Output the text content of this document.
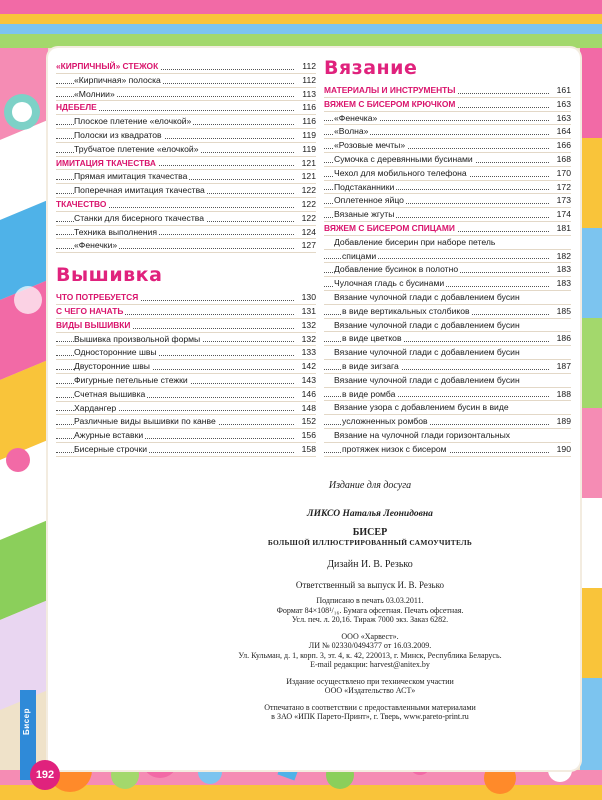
«КИРПИЧНЫЙ» СТЕЖОК	112
«Кирпичная» полоска	112
«Молнии»	113
НДЕБЕЛЕ	116
Плоское плетение «елочкой»	116
Полоски из квадратов	119
Трубчатое плетение «елочкой»	119
ИМИТАЦИЯ ТКАЧЕСТВА	121
Прямая имитация ткачества	121
Поперечная имитация ткачества	122
ТКАЧЕСТВО	122
Станки для бисерного ткачества	122
Техника выполнения	124
«Фенечки»	127
Вышивка
ЧТО ПОТРЕБУЕТСЯ	130
С ЧЕГО НАЧАТЬ	131
ВИДЫ ВЫШИВКИ	132
Вышивка произвольной формы	132
Односторонние швы	133
Двусторонние швы	142
Фигурные петельные стежки	143
Счетная вышивка	146
Хардангер	148
Различные виды вышивки по канве	152
Ажурные вставки	156
Бисерные строчки	158
Вязание
МАТЕРИАЛЫ И ИНСТРУМЕНТЫ	161
ВЯЖЕМ С БИСЕРОМ КРЮЧКОМ	163
«Фенечка»	163
«Волна»	164
«Розовые мечты»	166
Сумочка с деревянными бусинами	168
Чехол для мобильного телефона	170
Подстаканники	172
Оплетенное яйцо	173
Вязаные жгуты	174
ВЯЖЕМ С БИСЕРОМ СПИЦАМИ	181
Добавление бисерин при наборе петель
спицами	182
Добавление бусинок в полотно	183
Чулочная гладь с бусинами	183
Вязание чулочной глади с добавлением бусин
в виде вертикальных столбиков	185
Вязание чулочной глади с добавлением бусин
в виде цветков	186
Вязание чулочной глади с добавлением бусин
в виде зигзага	187
Вязание чулочной глади с добавлением бусин
в виде ромба	188
Вязание узора с добавлением бусин в виде
усложненных ромбов	189
Вязание на чулочной глади горизонтальных
протяжек низок с бисером	190
Издание для досуга
ЛИКСО Наталья Леонидовна
БИСЕР
БОЛЬШОЙ ИЛЛЮСТРИРОВАННЫЙ САМОУЧИТЕЛЬ
Дизайн И. В. Резько
Ответственный за выпуск И. В. Резько
Подписано в печать 03.03.2011.
Формат 84×108¹/₁₆. Бумага офсетная. Печать офсетная.
Усл. печ. л. 20,16. Тираж 7000 экз. Заказ 6282.
ООО «Харвест».
ЛИ № 02330/0494377 от 16.03.2009.
Ул. Кульман, д. 1, корп. 3, эт. 4, к. 42, 220013, г. Минск, Республика Беларусь.
E-mail редакции: harvest@anitex.by
Издание осуществлено при техническом участии
ООО «Издательство АСТ»
Отпечатано в соответствии с предоставленными материалами
в ЗАО «ИПК Парето-Принт», г. Тверь, www.pareto-print.ru
Бисер
192
